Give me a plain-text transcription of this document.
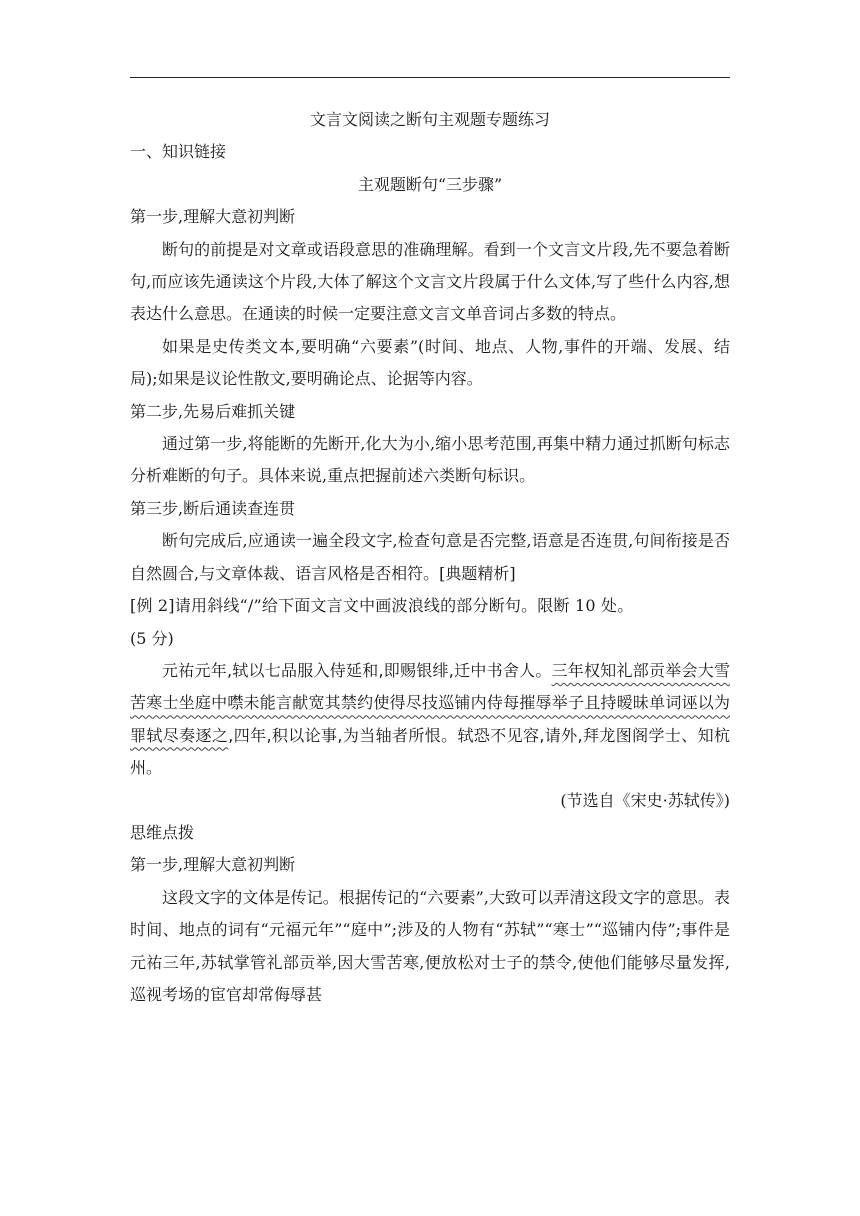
文言文阅读之断句主观题专题练习
一、知识链接
主观题断句“三步骤”
第一步,理解大意初判断
断句的前提是对文章或语段意思的准确理解。看到一个文言文片段,先不要急着断句,而应该先通读这个片段,大体了解这个文言文片段属于什么文体,写了些什么内容,想表达什么意思。在通读的时候一定要注意文言文单音词占多数的特点。
如果是史传类文本,要明确“六要素”(时间、地点、人物,事件的开端、发展、结局);如果是议论性散文,要明确论点、论据等内容。
第二步,先易后难抓关键
通过第一步,将能断的先断开,化大为小,缩小思考范围,再集中精力通过抓断句标志分析难断的句子。具体来说,重点把握前述六类断句标识。
第三步,断后通读查连贯
断句完成后,应通读一遍全段文字,检查句意是否完整,语意是否连贯,句间衔接是否自然圆合,与文章体裁、语言风格是否相符。[典题精析]
[例 2]请用斜线“/”给下面文言文中画波浪线的部分断句。限断 10 处。
(5 分)
元祐元年,轼以七品服入侍延和,即赐银绯,迁中书舍人。三年权知礼部贡举会大雪苦寒士坐庭中噤未能言献宽其禁约使得尽技巡铺内侍每摧辱举子且持暧昧单词诬以为罪轼尽奏逐之,四年,积以论事,为当轴者所恨。轼恐不见容,请外,拜龙图阁学士、知杭州。
(节选自《宋史·苏轼传》)
思维点拨
第一步,理解大意初判断
这段文字的文体是传记。根据传记的“六要素”,大致可以弄清这段文字的意思。表时间、地点的词有“元福元年”“庭中”;涉及的人物有“苏轼”“寒士”“巡铺内侍”;事件是元祐三年,苏轼掌管礼部贡举,因大雪苦寒,便放松对士子的禁令,使他们能够尽量发挥,巡视考场的宦官却常侮辱甚
